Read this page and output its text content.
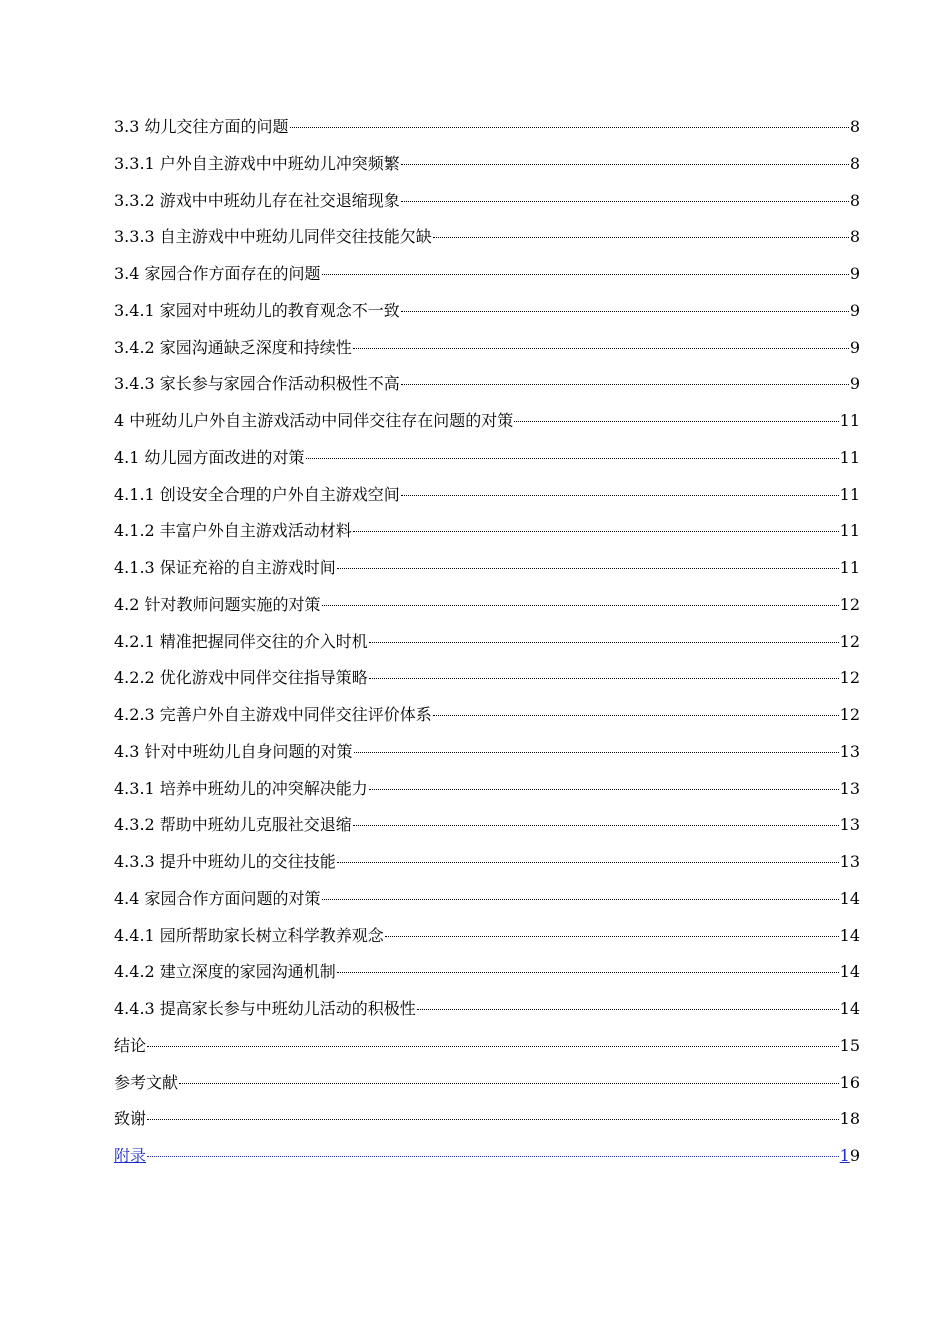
3.3 幼儿交往方面的问题	8
3.3.1 户外自主游戏中中班幼儿冲突频繁	8
3.3.2 游戏中中班幼儿存在社交退缩现象	8
3.3.3 自主游戏中中班幼儿同伴交往技能欠缺	8
3.4 家园合作方面存在的问题	9
3.4.1 家园对中班幼儿的教育观念不一致	9
3.4.2 家园沟通缺乏深度和持续性	9
3.4.3 家长参与家园合作活动积极性不高	9
4 中班幼儿户外自主游戏活动中同伴交往存在问题的对策	11
4.1 幼儿园方面改进的对策	11
4.1.1 创设安全合理的户外自主游戏空间	11
4.1.2 丰富户外自主游戏活动材料	11
4.1.3 保证充裕的自主游戏时间	11
4.2 针对教师问题实施的对策	12
4.2.1 精准把握同伴交往的介入时机	12
4.2.2 优化游戏中同伴交往指导策略	12
4.2.3 完善户外自主游戏中同伴交往评价体系	12
4.3 针对中班幼儿自身问题的对策	13
4.3.1 培养中班幼儿的冲突解决能力	13
4.3.2 帮助中班幼儿克服社交退缩	13
4.3.3 提升中班幼儿的交往技能	13
4.4 家园合作方面问题的对策	14
4.4.1 园所帮助家长树立科学教养观念	14
4.4.2 建立深度的家园沟通机制	14
4.4.3 提高家长参与中班幼儿活动的积极性	14
结论	15
参考文献	16
致谢	18
附录	19
